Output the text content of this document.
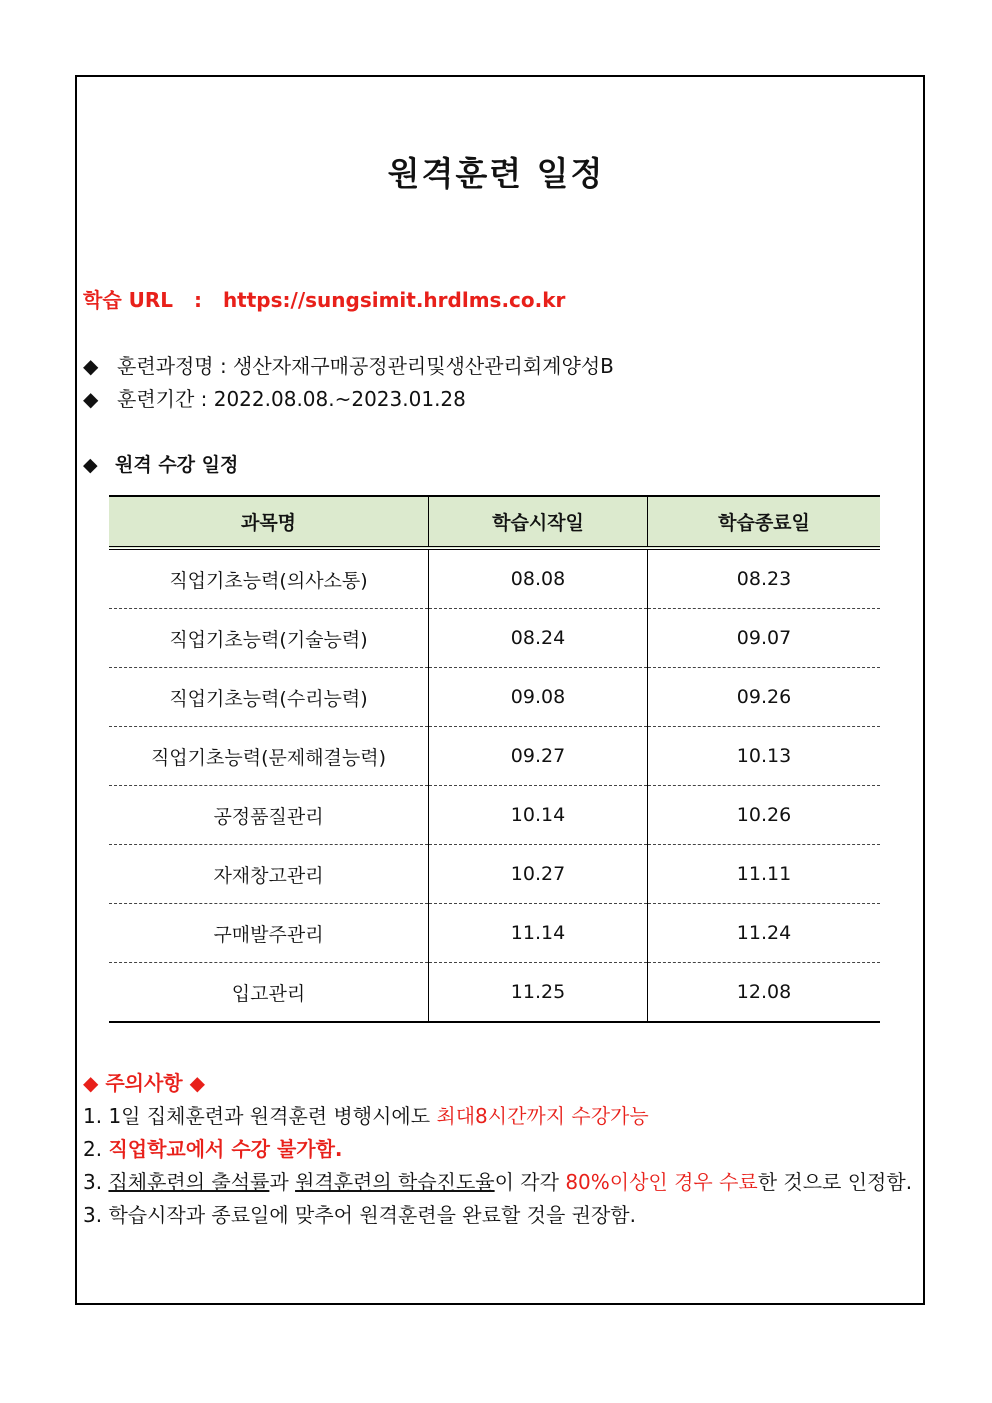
원격훈련 일정
학습 URL : https://sungsimit.hrdlms.co.kr
◆ 훈련과정명 : 생산자재구매공정관리및생산관리회계양성B
◆ 훈련기간 : 2022.08.08.~2023.01.28
◆ 원격 수강 일정
과목명	학습시작일	학습종료일
직업기초능력(의사소통)	08.08	08.23
직업기초능력(기술능력)	08.24	09.07
직업기초능력(수리능력)	09.08	09.26
직업기초능력(문제해결능력)	09.27	10.13
공정품질관리	10.14	10.26
자재창고관리	10.27	11.11
구매발주관리	11.14	11.24
입고관리	11.25	12.08
◆ 주의사항 ◆
1. 1일 집체훈련과 원격훈련 병행시에도 최대8시간까지 수강가능
2. 직업학교에서 수강 불가함.
3. 집체훈련의 출석률과 원격훈련의 학습진도율이 각각 80%이상인 경우 수료한 것으로 인정함.
3. 학습시작과 종료일에 맞추어 원격훈련을 완료할 것을 권장함.
